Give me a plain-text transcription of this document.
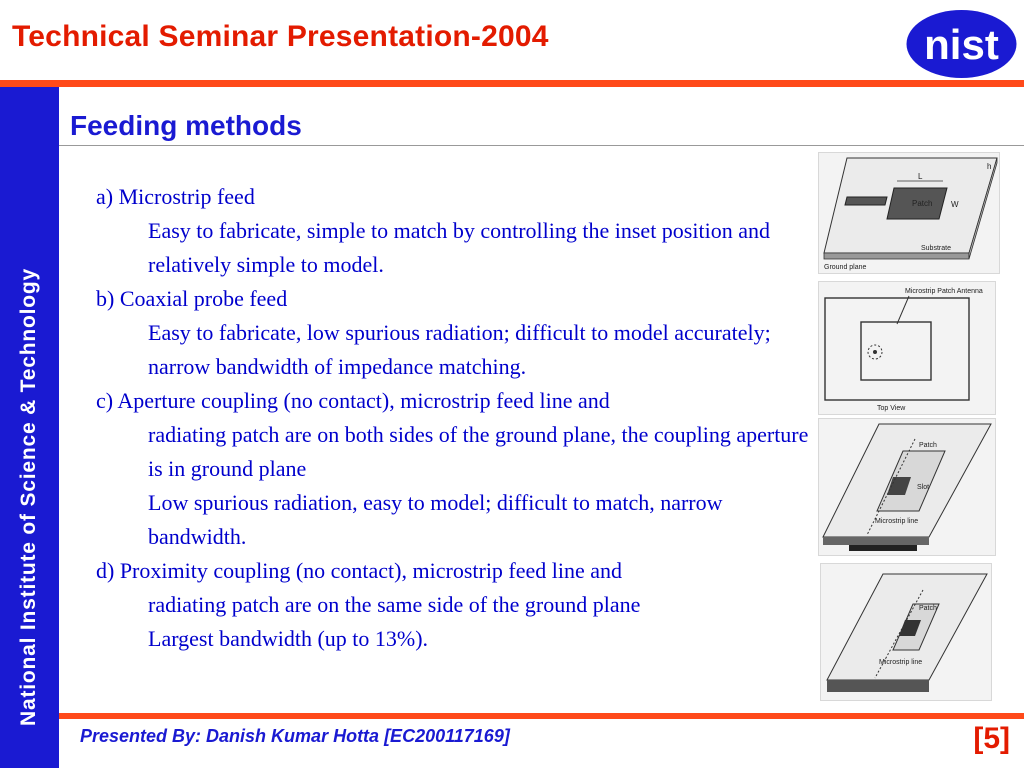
Technical Seminar Presentation-2004	nist
National Institute of Science & Technology
Feeding methods

a) Microstrip feed

Easy to fabricate, simple to match by controlling the inset position and relatively simple to model.

b) Coaxial probe feed

Easy to fabricate, low spurious radiation; difficult to model accurately; narrow bandwidth of impedance matching.

c) Aperture coupling (no contact), microstrip feed line and

radiating patch are on both sides of the ground plane, the coupling aperture is in ground plane

Low spurious radiation, easy to model; difficult to match, narrow bandwidth.

d) Proximity coupling (no contact), microstrip feed line and

radiating patch are on the same side of the ground plane

Largest bandwidth (up to 13%).

L
W
Patch
h
Substrate
Ground plane
Microstrip Patch Antenna
Top View
Patch
Slot
Microstrip line
Patch
Microstrip line
Presented By: Danish Kumar Hotta [EC200117169]	[5]
